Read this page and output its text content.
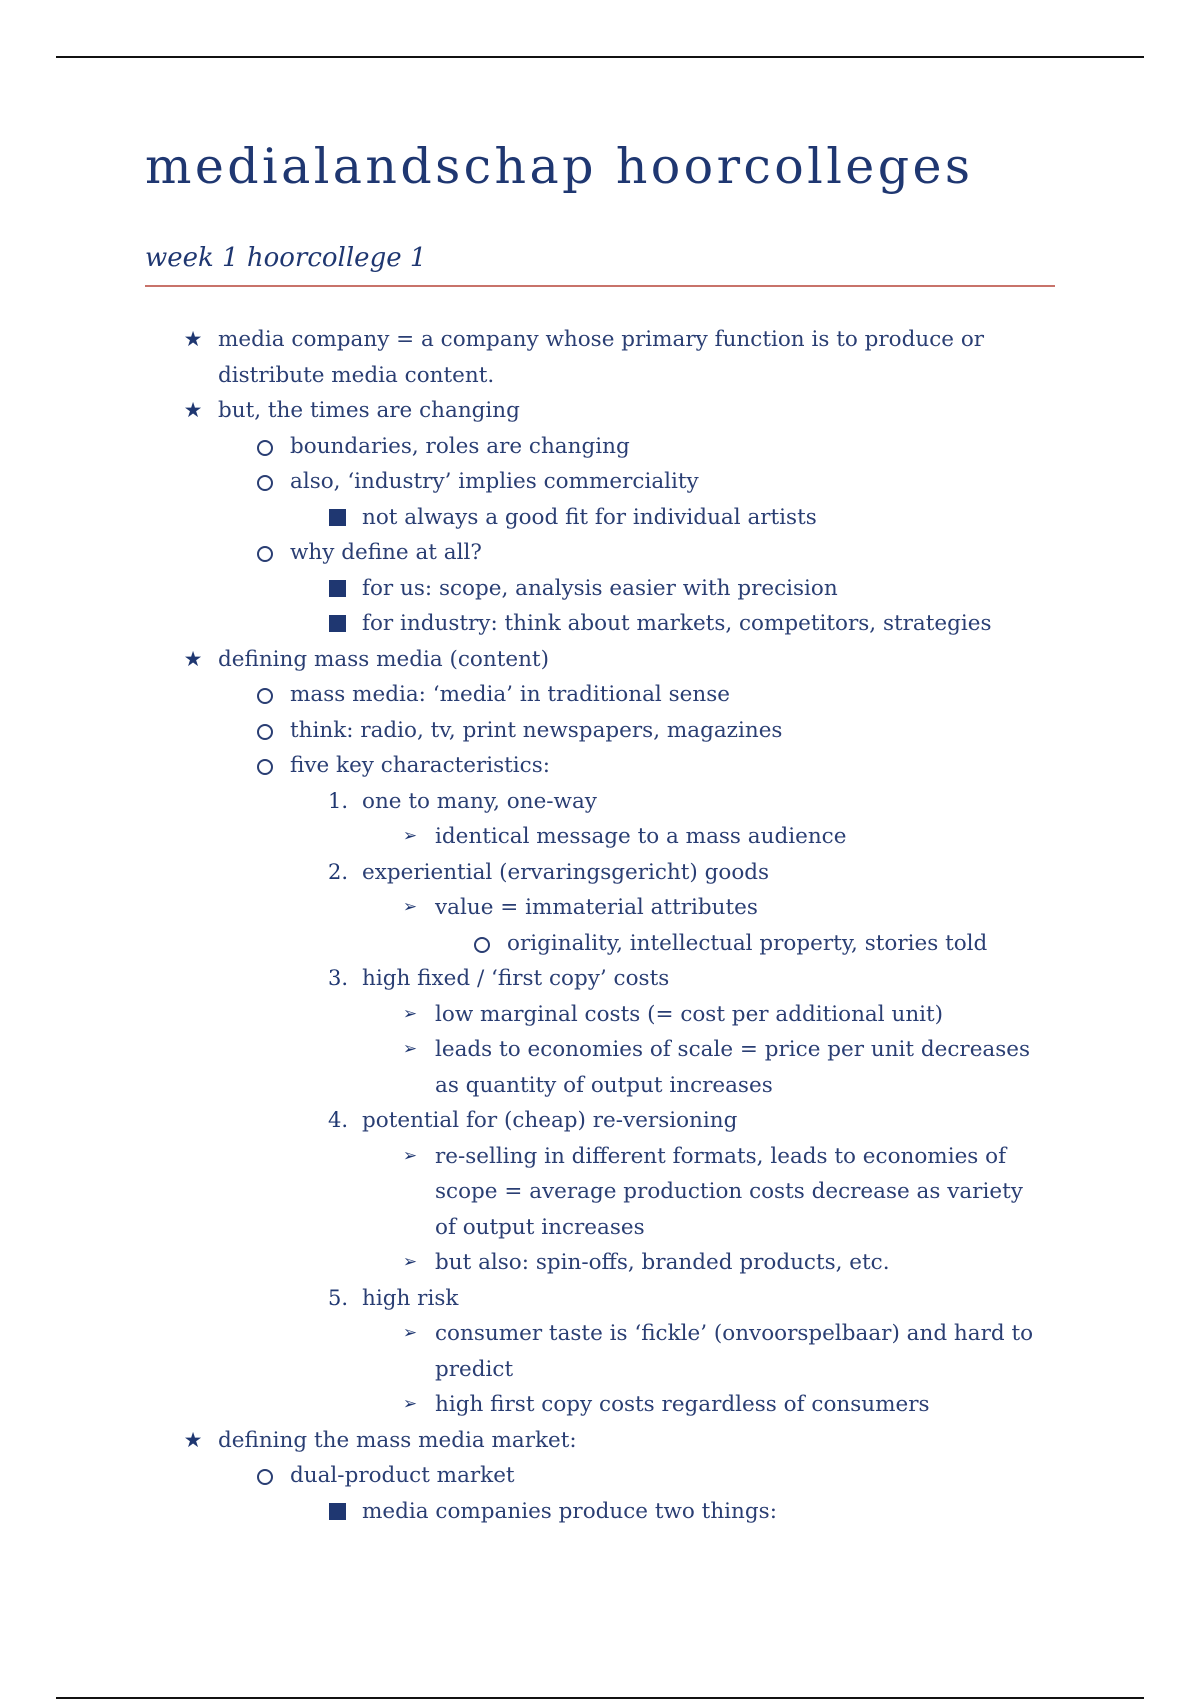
medialandschap hoorcolleges
week 1 hoorcollege 1
★ media company = a company whose primary function is to produce or distribute media content.
★ but, the times are changing
boundaries, roles are changing
also, ‘industry’ implies commerciality
not always a good fit for individual artists
why define at all?
for us: scope, analysis easier with precision
for industry: think about markets, competitors, strategies
★ defining mass media (content)
mass media: ‘media’ in traditional sense
think: radio, tv, print newspapers, magazines
five key characteristics:
1. one to many, one-way
➢ identical message to a mass audience
2. experiential (ervaringsgericht) goods
➢ value = immaterial attributes
originality, intellectual property, stories told
3. high fixed / ‘first copy’ costs
➢ low marginal costs (= cost per additional unit)
➢ leads to economies of scale = price per unit decreases as quantity of output increases
4. potential for (cheap) re-versioning
➢ re-selling in different formats, leads to economies of scope = average production costs decrease as variety of output increases
➢ but also: spin-offs, branded products, etc.
5. high risk
➢ consumer taste is ‘fickle’ (onvoorspelbaar) and hard to predict
➢ high first copy costs regardless of consumers
★ defining the mass media market:
dual-product market
media companies produce two things:
